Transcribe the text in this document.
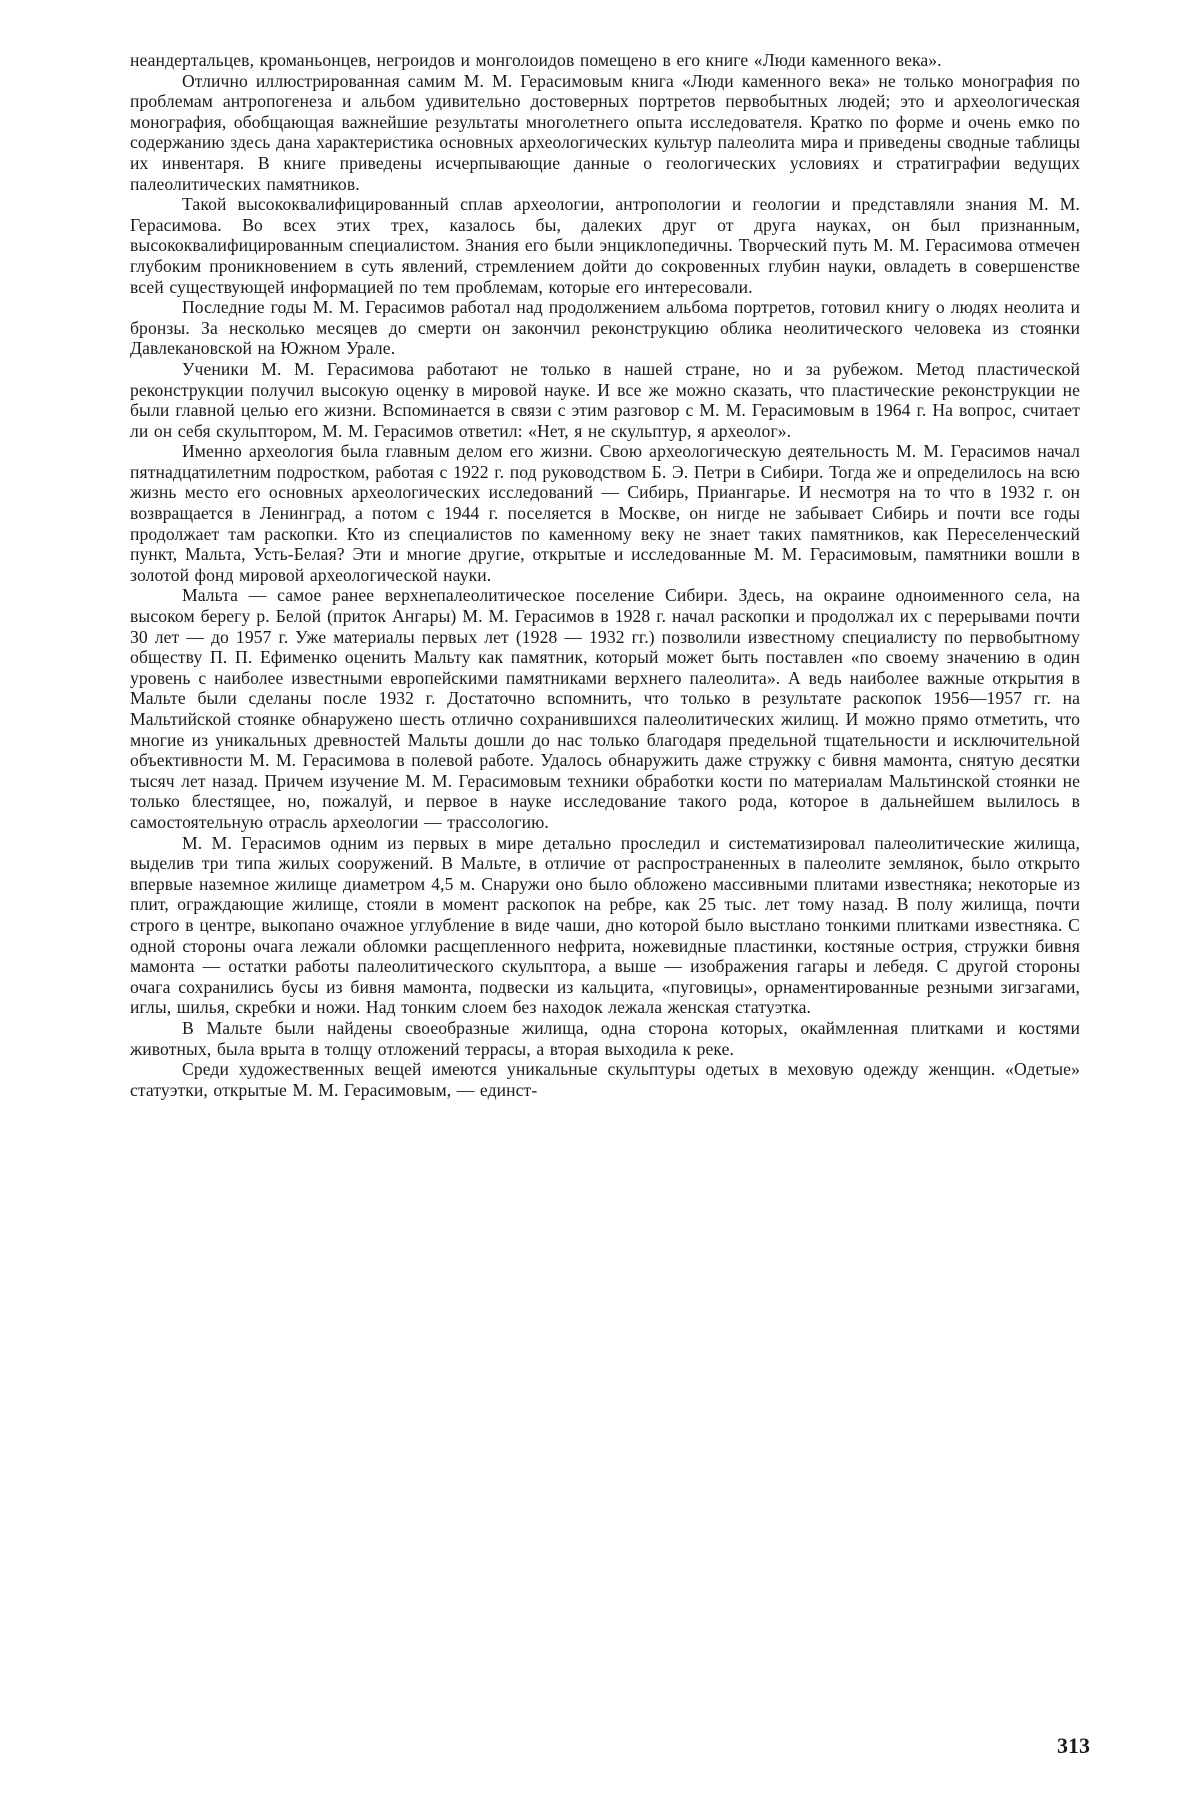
неандертальцев, кроманьонцев, негроидов и монголоидов помещено в его книге «Люди каменного века».

Отлично иллюстрированная самим М. М. Герасимовым книга «Люди каменного века» не только монография по проблемам антропогенеза и альбом удивительно достоверных портретов первобытных людей; это и археологическая монография, обобщающая важнейшие результаты многолетнего опыта исследователя. Кратко по форме и очень емко по содержанию здесь дана характеристика основных археологических культур палеолита мира и приведены сводные таблицы их инвентаря. В книге приведены исчерпывающие данные о геологических условиях и стратиграфии ведущих палеолитических памятников.

Такой высококвалифицированный сплав археологии, антропологии и геологии и представляли знания М. М. Герасимова. Во всех этих трех, казалось бы, далеких друг от друга науках, он был признанным, высококвалифицированным специалистом. Знания его были энциклопедичны. Творческий путь М. М. Герасимова отмечен глубоким проникновением в суть явлений, стремлением дойти до сокровенных глубин науки, овладеть в совершенстве всей существующей информацией по тем проблемам, которые его интересовали.

Последние годы М. М. Герасимов работал над продолжением альбома портретов, готовил книгу о людях неолита и бронзы. За несколько месяцев до смерти он закончил реконструкцию облика неолитического человека из стоянки Давлекановской на Южном Урале.

Ученики М. М. Герасимова работают не только в нашей стране, но и за рубежом. Метод пластической реконструкции получил высокую оценку в мировой науке. И все же можно сказать, что пластические реконструкции не были главной целью его жизни. Вспоминается в связи с этим разговор с М. М. Герасимовым в 1964 г. На вопрос, считает ли он себя скульптором, М. М. Герасимов ответил: «Нет, я не скульптур, я археолог».

Именно археология была главным делом его жизни. Свою археологическую деятельность М. М. Герасимов начал пятнадцатилетним подростком, работая с 1922 г. под руководством Б. Э. Петри в Сибири. Тогда же и определилось на всю жизнь место его основных археологических исследований — Сибирь, Приангарье. И несмотря на то что в 1932 г. он возвращается в Ленинград, а потом с 1944 г. поселяется в Москве, он нигде не забывает Сибирь и почти все годы продолжает там раскопки. Кто из специалистов по каменному веку не знает таких памятников, как Переселенческий пункт, Мальта, Усть-Белая? Эти и многие другие, открытые и исследованные М. М. Герасимовым, памятники вошли в золотой фонд мировой археологической науки.

Мальта — самое ранее верхнепалеолитическое поселение Сибири. Здесь, на окраине одноименного села, на высоком берегу р. Белой (приток Ангары) М. М. Герасимов в 1928 г. начал раскопки и продолжал их с перерывами почти 30 лет — до 1957 г. Уже материалы первых лет (1928 — 1932 гг.) позволили известному специалисту по первобытному обществу П. П. Ефименко оценить Мальту как памятник, который может быть поставлен «по своему значению в один уровень с наиболее известными европейскими памятниками верхнего палеолита». А ведь наиболее важные открытия в Мальте были сделаны после 1932 г. Достаточно вспомнить, что только в результате раскопок 1956—1957 гг. на Мальтийской стоянке обнаружено шесть отлично сохранившихся палеолитических жилищ. И можно прямо отметить, что многие из уникальных древностей Мальты дошли до нас только благодаря предельной тщательности и исключительной объективности М. М. Герасимова в полевой работе. Удалось обнаружить даже стружку с бивня мамонта, снятую десятки тысяч лет назад. Причем изучение М. М. Герасимовым техники обработки кости по материалам Мальтинской стоянки не только блестящее, но, пожалуй, и первое в науке исследование такого рода, которое в дальнейшем вылилось в самостоятельную отрасль археологии — трассологию.

М. М. Герасимов одним из первых в мире детально проследил и систематизировал палеолитические жилища, выделив три типа жилых сооружений. В Мальте, в отличие от распространенных в палеолите землянок, было открыто впервые наземное жилище диаметром 4,5 м. Снаружи оно было обложено массивными плитами известняка; некоторые из плит, ограждающие жилище, стояли в момент раскопок на ребре, как 25 тыс. лет тому назад. В полу жилища, почти строго в центре, выкопано очажное углубление в виде чаши, дно которой было выстлано тонкими плитками известняка. С одной стороны очага лежали обломки расщепленного нефрита, ножевидные пластинки, костяные острия, стружки бивня мамонта — остатки работы палеолитического скульптора, а выше — изображения гагары и лебедя. С другой стороны очага сохранились бусы из бивня мамонта, подвески из кальцита, «пуговицы», орнаментированные резными зигзагами, иглы, шилья, скребки и ножи. Над тонким слоем без находок лежала женская статуэтка.

В Мальте были найдены своеобразные жилища, одна сторона которых, окаймленная плитками и костями животных, была врыта в толщу отложений террасы, а вторая выходила к реке.

Среди художественных вещей имеются уникальные скульптуры одетых в меховую одежду женщин. «Одетые» статуэтки, открытые М. М. Герасимовым, — единст-

313
